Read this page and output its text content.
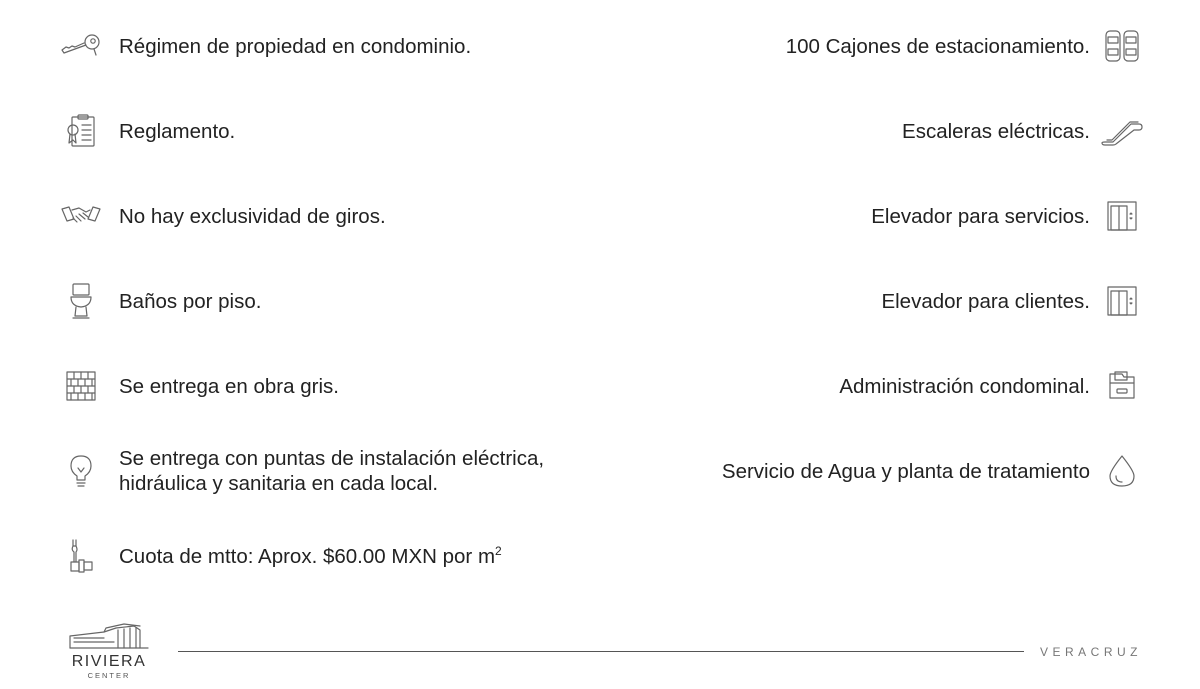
Régimen de propiedad en condominio.
Reglamento.
No hay exclusividad de giros.
Baños por piso.
Se entrega en obra gris.
Se entrega con puntas de instalación eléctrica,
hidráulica y sanitaria en cada local.
Cuota de mtto: Aprox. $60.00 MXN por $m^2$
100 Cajones de estacionamiento.
Escaleras eléctricas.
Elevador para servicios.
Elevador para clientes.
Administración condominal.
Servicio de Agua y planta de tratamiento
RIVIERA
CENTER
VERACRUZ
